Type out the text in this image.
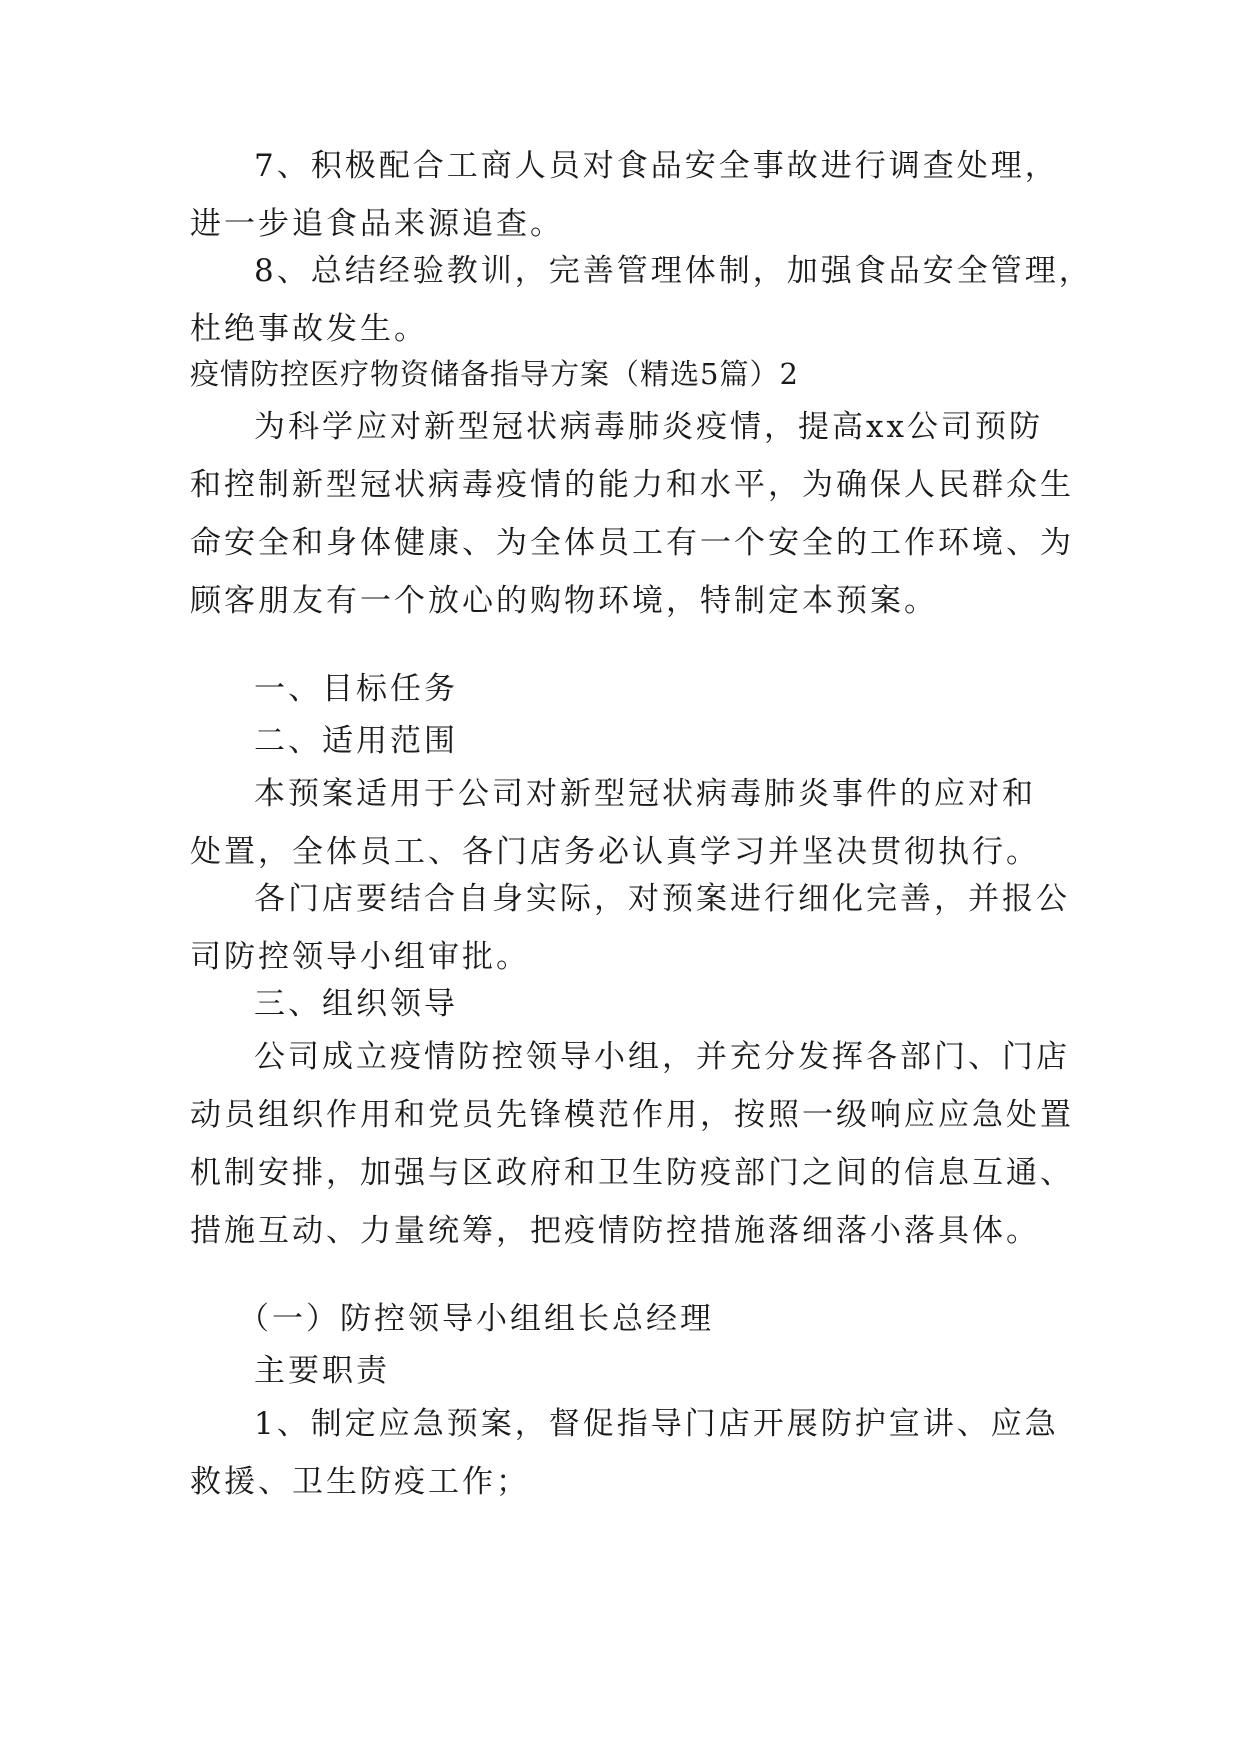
7、积极配合工商人员对食品安全事故进行调查处理，
进一步追食品来源追查。
8、总结经验教训，完善管理体制，加强食品安全管理，
杜绝事故发生。
疫情防控医疗物资储备指导方案（精选5篇）2
为科学应对新型冠状病毒肺炎疫情，提高xx公司预防
和控制新型冠状病毒疫情的能力和水平，为确保人民群众生
命安全和身体健康、为全体员工有一个安全的工作环境、为
顾客朋友有一个放心的购物环境，特制定本预案。
一、目标任务
二、适用范围
本预案适用于公司对新型冠状病毒肺炎事件的应对和
处置，全体员工、各门店务必认真学习并坚决贯彻执行。
各门店要结合自身实际，对预案进行细化完善，并报公
司防控领导小组审批。
三、组织领导
公司成立疫情防控领导小组，并充分发挥各部门、门店
动员组织作用和党员先锋模范作用，按照一级响应应急处置
机制安排，加强与区政府和卫生防疫部门之间的信息互通、
措施互动、力量统筹，把疫情防控措施落细落小落具体。
（一）防控领导小组组长总经理
主要职责
1、制定应急预案，督促指导门店开展防护宣讲、应急
救援、卫生防疫工作；
